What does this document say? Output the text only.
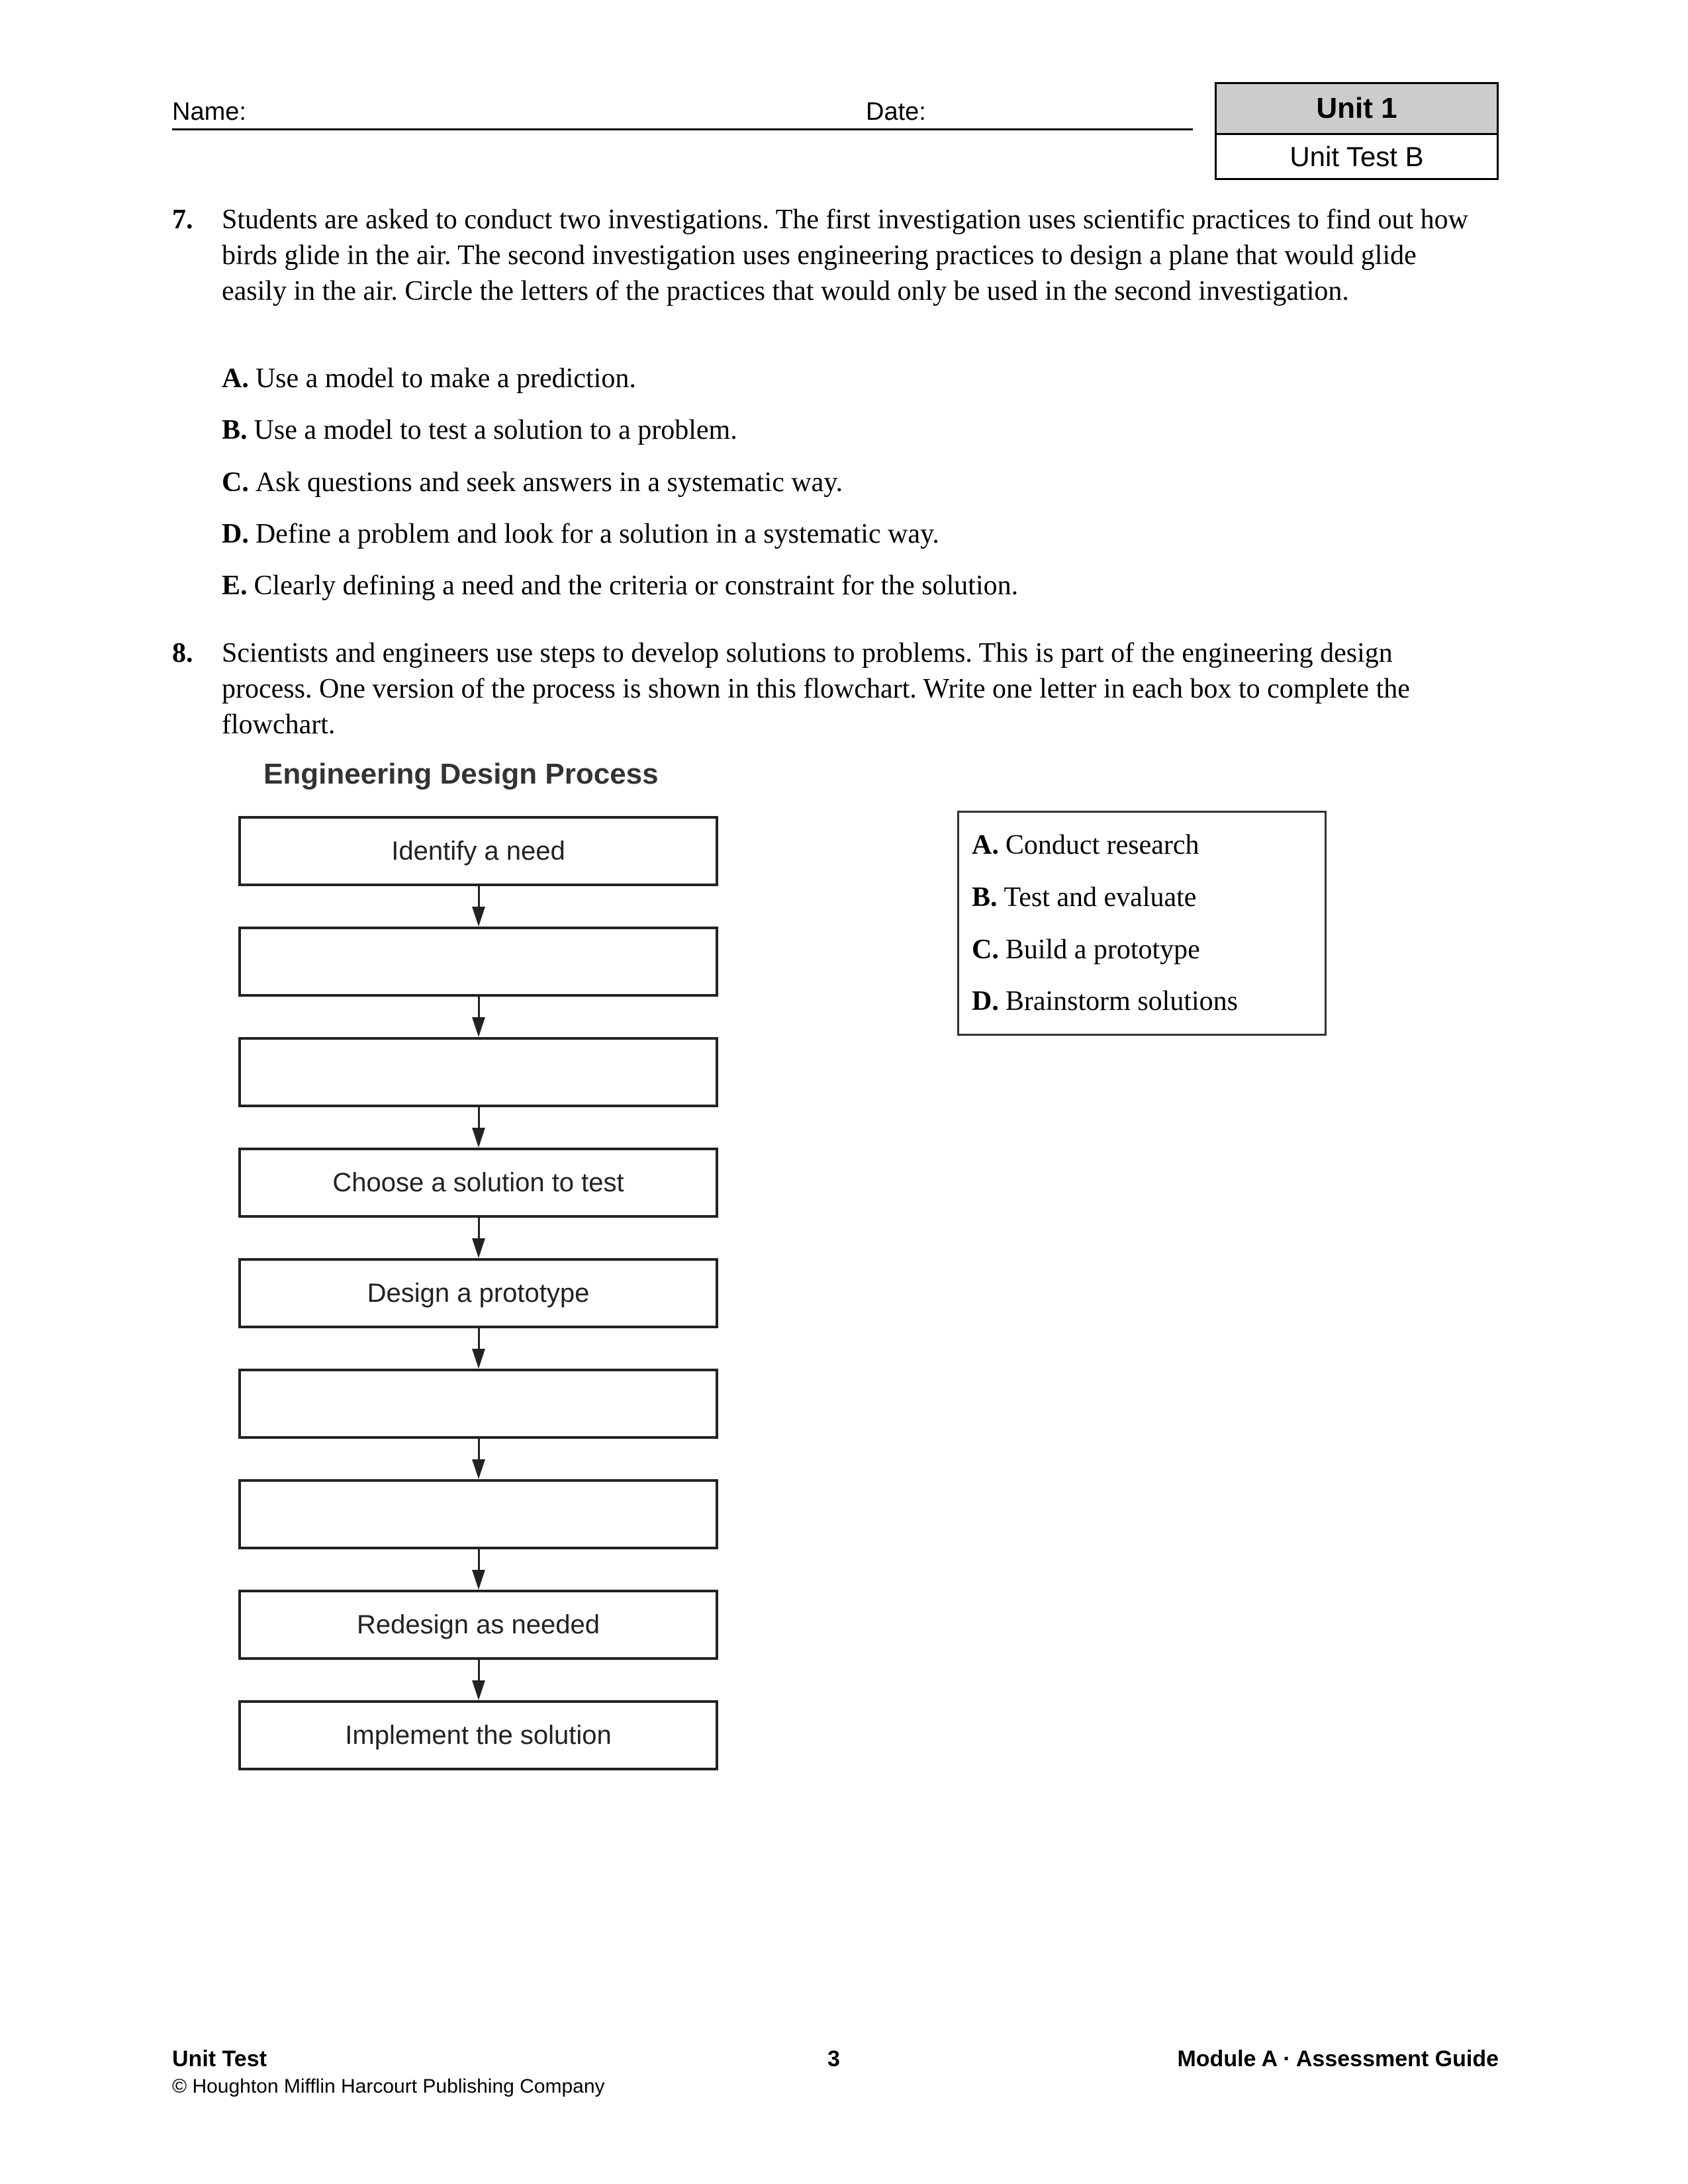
Name:	Date:	Unit 1
Unit Test B
7. Students are asked to conduct two investigations. The first investigation uses scientific practices to find out how birds glide in the air. The second investigation uses engineering practices to design a plane that would glide easily in the air. Circle the letters of the practices that would only be used in the second investigation.
A. Use a model to make a prediction.
B. Use a model to test a solution to a problem.
C. Ask questions and seek answers in a systematic way.
D. Define a problem and look for a solution in a systematic way.
E. Clearly defining a need and the criteria or constraint for the solution.
8. Scientists and engineers use steps to develop solutions to problems. This is part of the engineering design process. One version of the process is shown in this flowchart. Write one letter in each box to complete the flowchart.
Engineering Design Process
Identify a need
Choose a solution to test
Design a prototype
Redesign as needed
Implement the solution
A. Conduct research
B. Test and evaluate
C. Build a prototype
D. Brainstorm solutions
Unit Test	3	Module A · Assessment Guide
© Houghton Mifflin Harcourt Publishing Company
